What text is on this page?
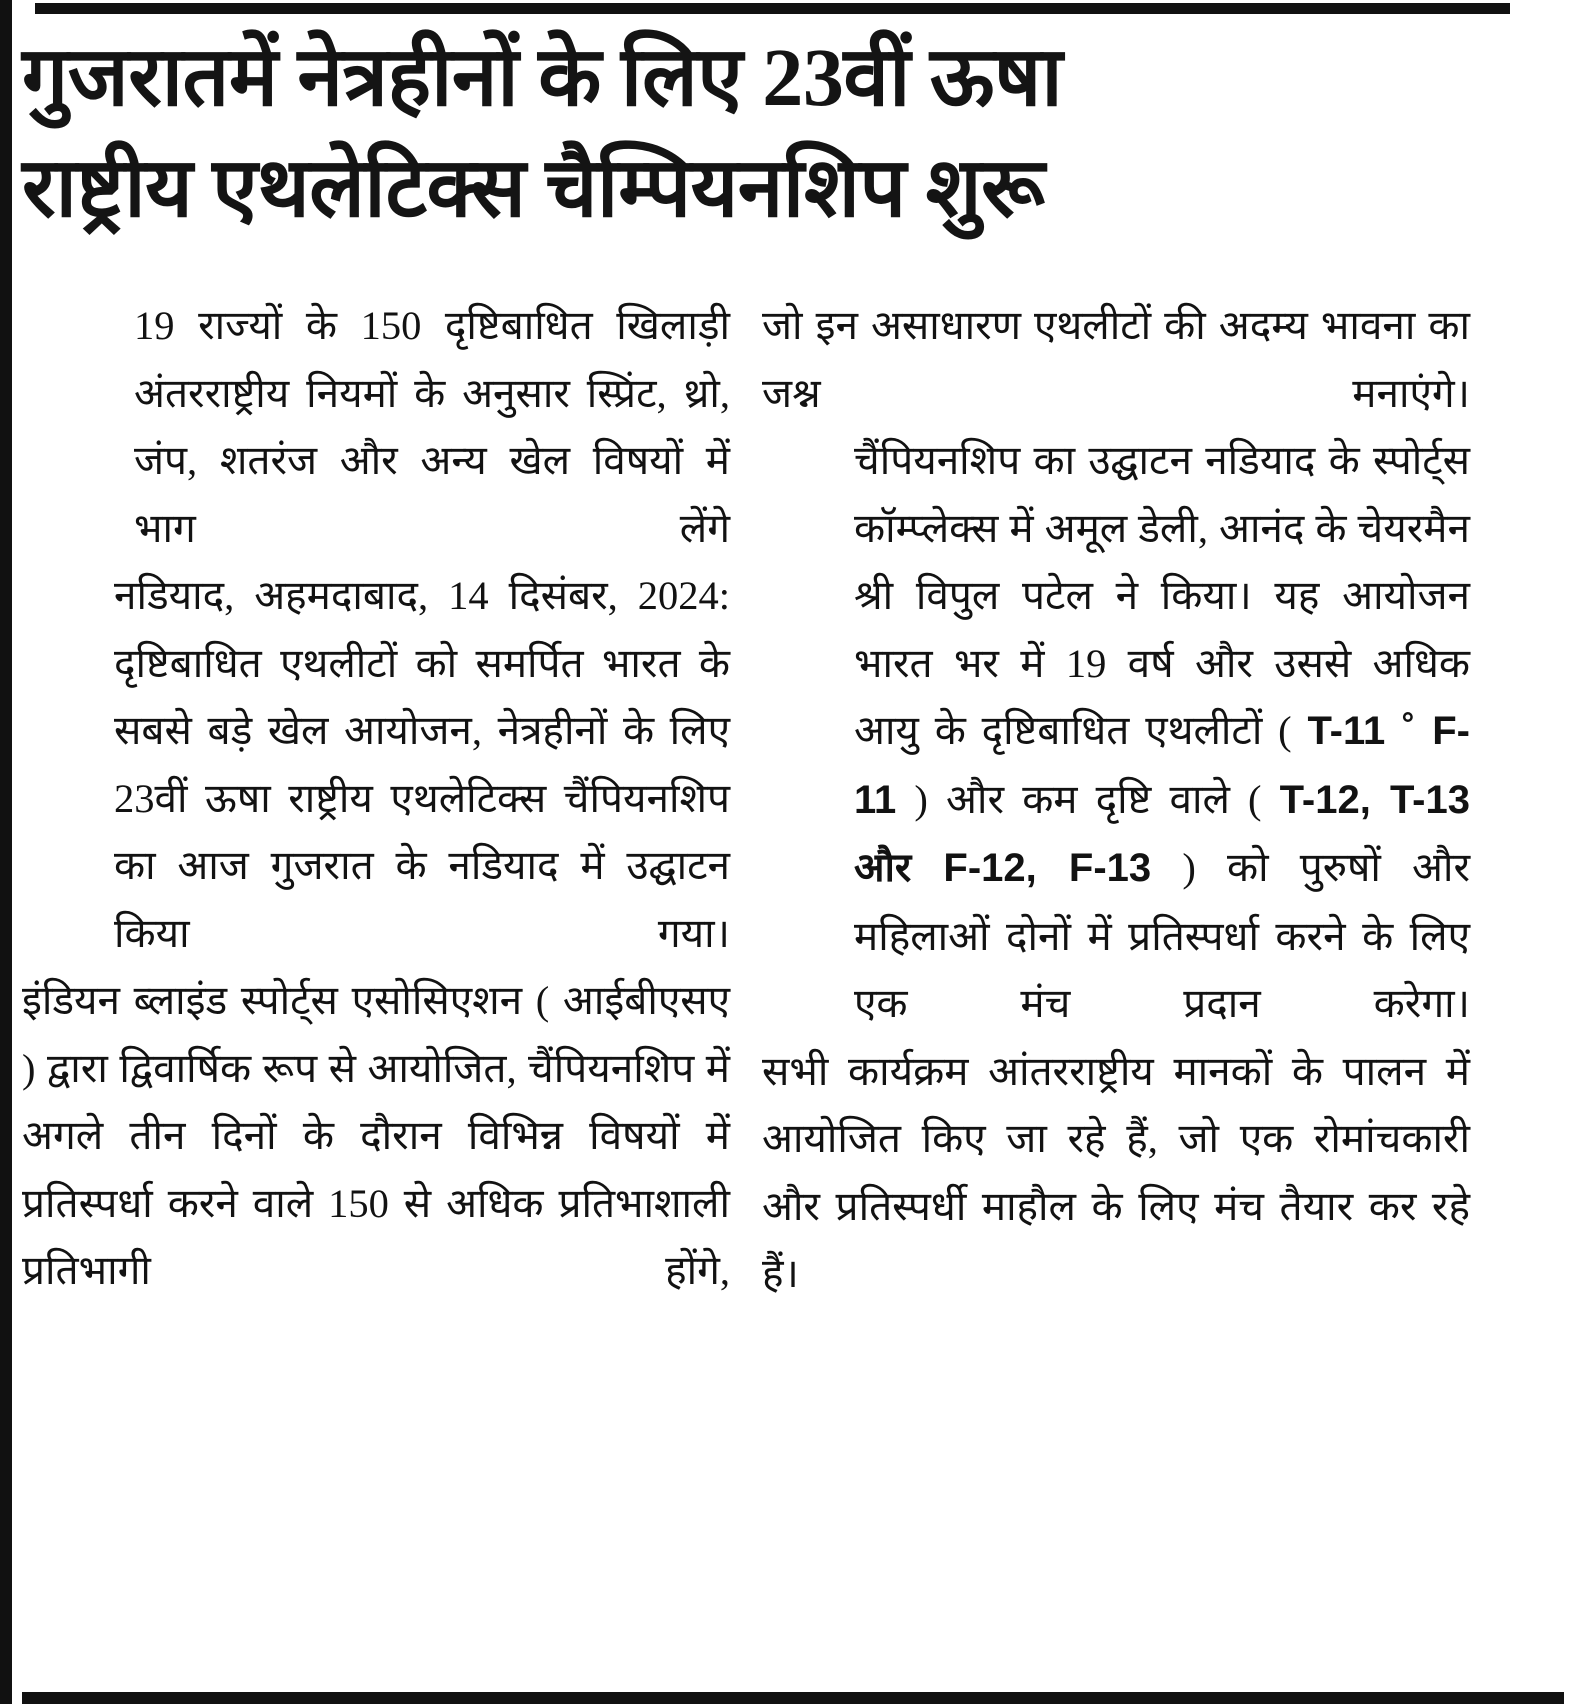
गुजरातमें नेत्रहीनों के लिए 23वीं ऊषा
राष्ट्रीय एथलेटिक्स चैम्पियनशिप शुरू

19 राज्यों के 150 दृष्टिबाधित खिलाड़ी अंतरराष्ट्रीय नियमों के अनुसार स्प्रिंट, थ्रो, जंप, शतरंज और अन्य खेल विषयों में भाग लेंगे

नडियाद, अहमदाबाद, 14 दिसंबर, 2024: दृष्टिबाधित एथलीटों को समर्पित भारत के सबसे बड़े खेल आयोजन, नेत्रहीनों के लिए 23वीं ऊषा राष्ट्रीय एथलेटिक्स चैंपियनशिप का आज गुजरात के नडियाद में उद्घाटन किया गया।

इंडियन ब्लाइंड स्पोर्ट्स एसोसिएशन ( आईबीएसए ) द्वारा द्विवार्षिक रूप से आयोजित, चैंपियनशिप में अगले तीन दिनों के दौरान विभिन्न विषयों में प्रतिस्पर्धा करने वाले 150 से अधिक प्रतिभाशाली प्रतिभागी होंगे,

जो इन असाधारण एथलीटों की अदम्य भावना का जश्न मनाएंगे।

चैंपियनशिप का उद्घाटन नडियाद के स्पोर्ट्स कॉम्प्लेक्स में अमूल डेली, आनंद के चेयरमैन श्री विपुल पटेल ने किया। यह आयोजन भारत भर में 19 वर्ष और उससे अधिक आयु के दृष्टिबाधित एथलीटों ( T-11 ˚ F-11 ) और कम दृष्टि वाले ( T-12, T-13 और F-12, F-13 ) को पुरुषों और महिलाओं दोनों में प्रतिस्पर्धा करने के लिए एक मंच प्रदान करेगा।

सभी कार्यक्रम आंतरराष्ट्रीय मानकों के पालन में आयोजित किए जा रहे हैं, जो एक रोमांचकारी और प्रतिस्पर्धी माहौल के लिए मंच तैयार कर रहे हैं।
